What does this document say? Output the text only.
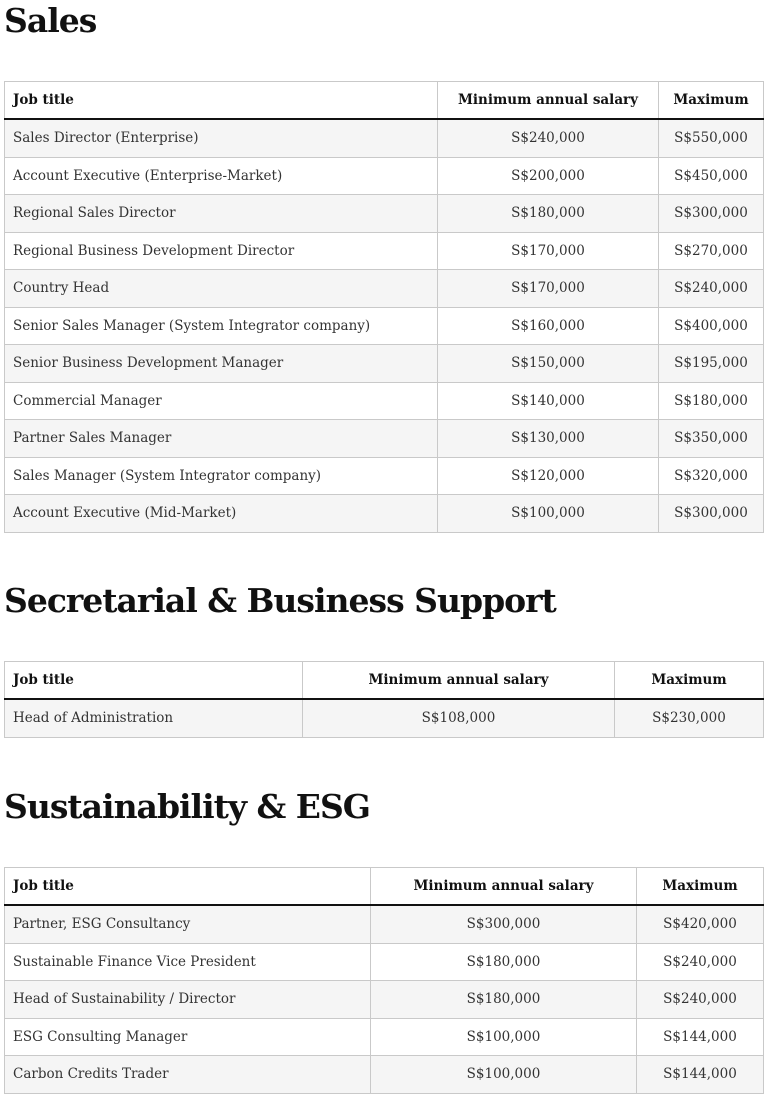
Sales
Job title	Minimum annual salary	Maximum
Sales Director (Enterprise)	S$240,000	S$550,000
Account Executive (Enterprise-Market)	S$200,000	S$450,000
Regional Sales Director	S$180,000	S$300,000
Regional Business Development Director	S$170,000	S$270,000
Country Head	S$170,000	S$240,000
Senior Sales Manager (System Integrator company)	S$160,000	S$400,000
Senior Business Development Manager	S$150,000	S$195,000
Commercial Manager	S$140,000	S$180,000
Partner Sales Manager	S$130,000	S$350,000
Sales Manager (System Integrator company)	S$120,000	S$320,000
Account Executive (Mid-Market)	S$100,000	S$300,000
Secretarial & Business Support
Job title	Minimum annual salary	Maximum
Head of Administration	S$108,000	S$230,000
Sustainability & ESG
Job title	Minimum annual salary	Maximum
Partner, ESG Consultancy	S$300,000	S$420,000
Sustainable Finance Vice President	S$180,000	S$240,000
Head of Sustainability / Director	S$180,000	S$240,000
ESG Consulting Manager	S$100,000	S$144,000
Carbon Credits Trader	S$100,000	S$144,000
